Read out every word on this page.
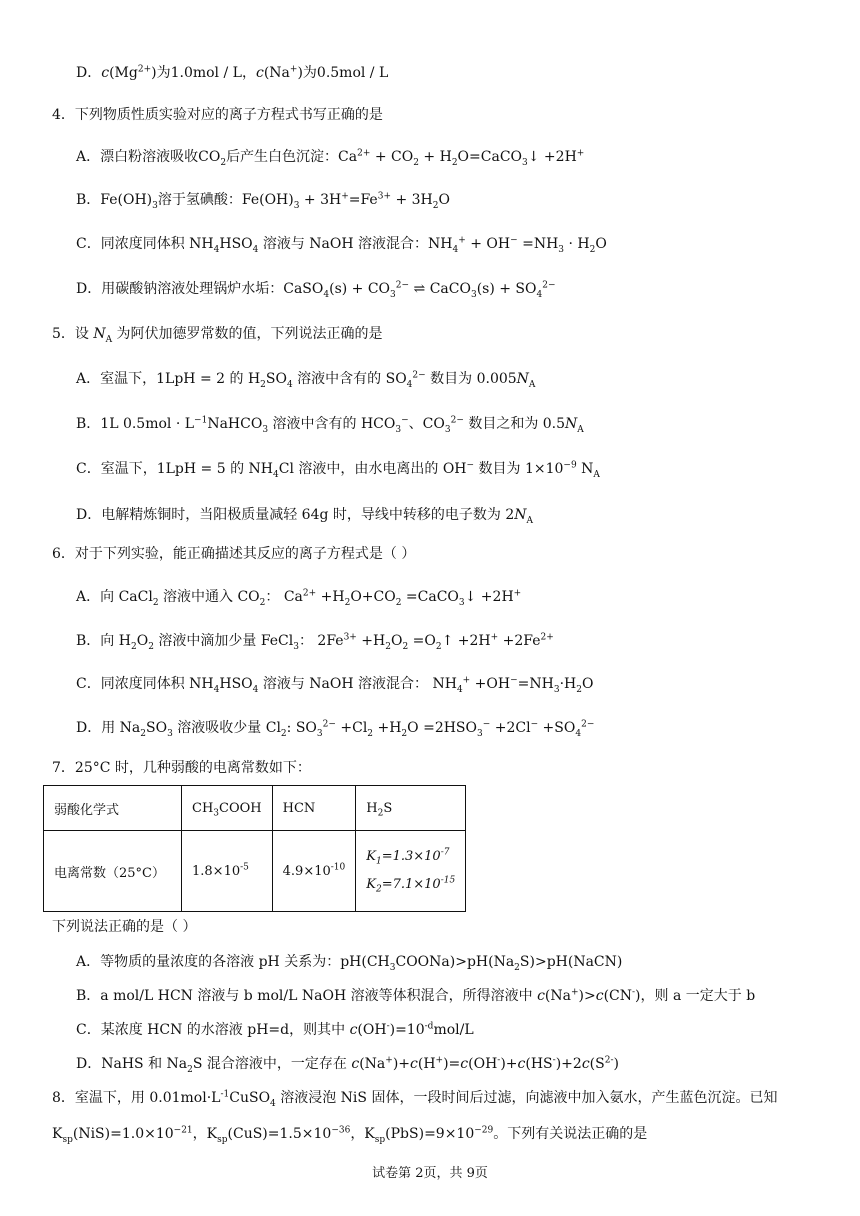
D．$c(Mg^{2+})$为1.0mol / L，c(Na+)为0.5mol / L
4．下列物质性质实验对应的离子方程式书写正确的是
A．漂白粉溶液吸收$CO_2$后产生白色沉淀：$Ca^{2+} + CO_2$ + $H_2O=CaCO_3↓ +2H^+$
B．$Fe(OH)_3$溶于氢碘酸：$Fe(OH)_3 + 3H^+=Fe^{3+} + 3H_2O$
C．同浓度同体积 $NH_4HSO_4$ 溶液与 NaOH 溶液混合：$NH_4^+ + OH^- =NH_3 \cdot H_2O$
D．用碳酸钠溶液处理锅炉水垢：CaSO$_4$(s) + $CO_3^{2-}$ ⇌ CaCO$_3$(s) + $SO_4^{2-}$
5．设 $N_A$ 为阿伏加德罗常数的值，下列说法正确的是
A．室温下，1LpH = 2 的 $H_2SO_4$ 溶液中含有的 $SO_4^{2-}$ 数目为 $0.005N_A$
B．1L $0.5mol \cdot L^{-1}NaHCO_3$ 溶液中含有的 $HCO_3^-$、$CO_3^{2-}$ 数目之和为 $0.5N_A$
C．室温下，1LpH = 5 的 $NH_4Cl$ 溶液中，由水电离出的 OH− 数目为 $1\times 10^{-9}$ $N_A$
D．电解精炼铜时，当阳极质量减轻 64g 时，导线中转移的电子数为 $2N_A$
6．对于下列实验，能正确描述其反应的离子方程式是（ ）
A．向 CaCl$_2$ 溶液中通入 $CO_2$： $Ca^{2+} +H_2O+CO_2$ =CaCO$_3$↓ +2H+
B．向 $H_2O_2$ 溶液中滴加少量 FeCl$_3$： $2Fe^{3+} +H_2O_2$ $=O_2↑ +2H^+ +2Fe^{2+}$
C．同浓度同体积 $NH_4HSO_4$ 溶液与 NaOH 溶液混合： $NH_4^+ +OH^-=NH_3\cdot H_2O$
D．用 $Na_2SO_3$ 溶液吸收少量 $Cl_2$: $SO_3^{2-} +Cl_2 +H_2O =2HSO_3^- +2Cl^- +SO_4^{2-}$
7．25°C 时，几种弱酸的电离常数如下：
弱酸化学式	$CH_3COOH$	HCN	$H_2S$
电离常数（25°C）	$1.8\times 10^{-5}$	$4.9\times 10^{-10}$	$K_1=1.3\times 10^{-7}$
$K_2=7.1\times 10^{-15}$
下列说法正确的是（ ）
A．等物质的量浓度的各溶液 pH 关系为：$pH(CH_3COONa)>pH(Na_2S)>pH(NaCN)$
B．a mol/L HCN 溶液与 b mol/L NaOH 溶液等体积混合，所得溶液中 c(Na+)>c(CN-)，则 a 一定大于 b
C．某浓度 HCN 的水溶液 pH=d，则其中 $c(OH^-)=10^{-d}mol/L$
D．NaHS 和 $Na_2S$ 混合溶液中，一定存在 $c(Na^+)+c(H^+)=c(OH^-)+c(HS^-)+2c(S^{2-})$
8．室温下，用 $0.01mol\cdot L^{-1}CuSO_4$ 溶液浸泡 NiS 固体，一段时间后过滤，向滤液中加入氨水，产生蓝色沉淀。已知
$K_{sp}(NiS)=1.0\times 10^{-21}$，$K_{sp}(CuS)=1.5\times 10^{-36}$，$K_{sp}(PbS)=9\times 10^{-29}$。下列有关说法正确的是
试卷第 2页，共 9页
